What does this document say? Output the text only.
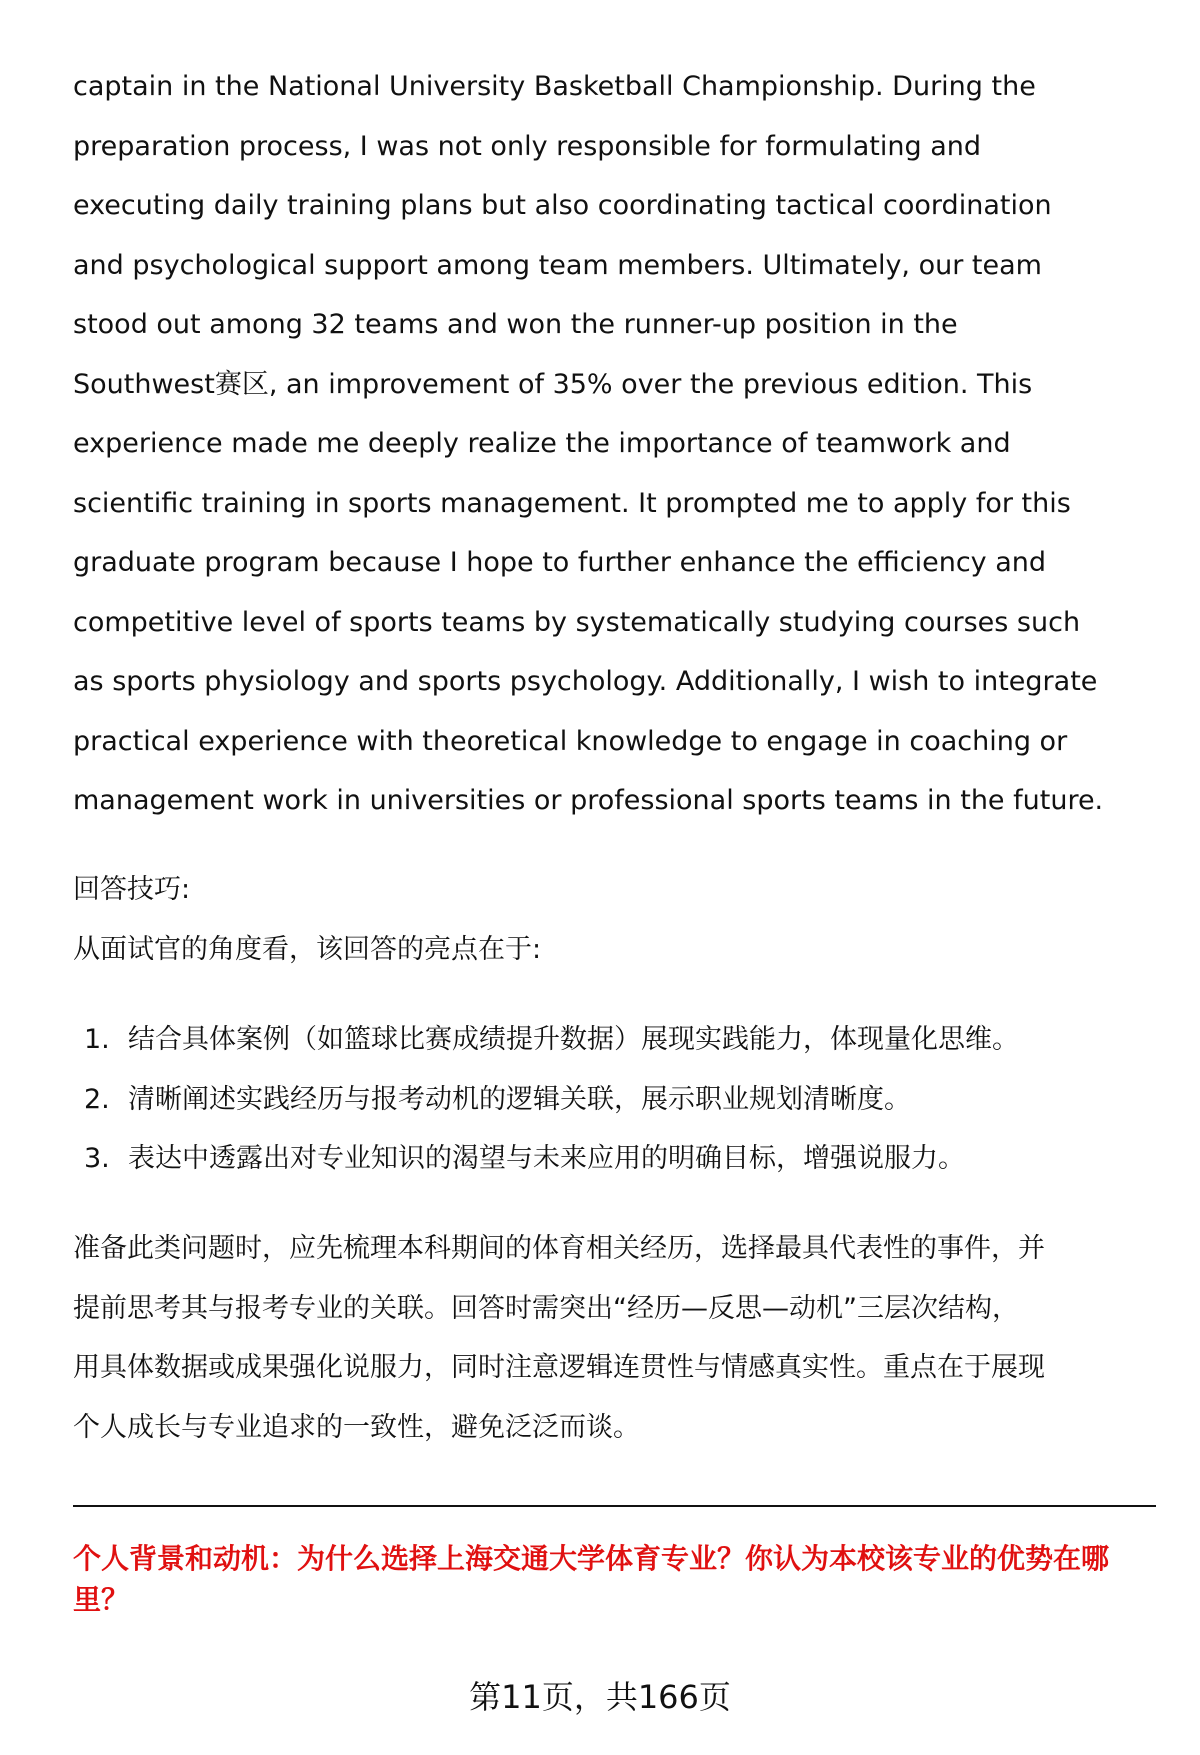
captain in the National University Basketball Championship. During the
preparation process, I was not only responsible for formulating and
executing daily training plans but also coordinating tactical coordination
and psychological support among team members. Ultimately, our team
stood out among 32 teams and won the runner-up position in the
Southwest赛区, an improvement of 35% over the previous edition. This
experience made me deeply realize the importance of teamwork and
scientific training in sports management. It prompted me to apply for this
graduate program because I hope to further enhance the efficiency and
competitive level of sports teams by systematically studying courses such
as sports physiology and sports psychology. Additionally, I wish to integrate
practical experience with theoretical knowledge to engage in coaching or
management work in universities or professional sports teams in the future.
回答技巧:
从面试官的角度看，该回答的亮点在于:
1. 结合具体案例（如篮球比赛成绩提升数据）展现实践能力，体现量化思维。
2. 清晰阐述实践经历与报考动机的逻辑关联，展示职业规划清晰度。
3. 表达中透露出对专业知识的渴望与未来应用的明确目标，增强说服力。
准备此类问题时，应先梳理本科期间的体育相关经历，选择最具代表性的事件，并
提前思考其与报考专业的关联。回答时需突出“经历—反思—动机”三层次结构，
用具体数据或成果强化说服力，同时注意逻辑连贯性与情感真实性。重点在于展现
个人成长与专业追求的一致性，避免泛泛而谈。
个人背景和动机：为什么选择上海交通大学体育专业？你认为本校该专业的优势在哪里？
第11页，共166页
